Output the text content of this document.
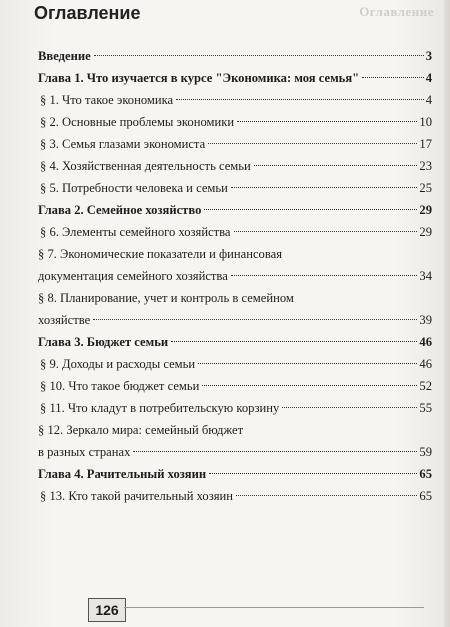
Оглавление
Оглавление
Введение	3
Глава 1. Что изучается в курсе "Экономика: моя семья"	4
§ 1. Что такое экономика	4
§ 2. Основные проблемы экономики	10
§ 3. Семья глазами экономиста	17
§ 4. Хозяйственная деятельность семьи	23
§ 5. Потребности человека и семьи	25
Глава 2. Семейное хозяйство	29
§ 6. Элементы семейного хозяйства	29
§ 7. Экономические показатели и финансовая
документация семейного хозяйства	34
§ 8. Планирование, учет и контроль в семейном
хозяйстве	39
Глава 3. Бюджет семьи	46
§ 9. Доходы и расходы семьи	46
§ 10. Что такое бюджет семьи	52
§ 11. Что кладут в потребительскую корзину	55
§ 12. Зеркало мира: семейный бюджет
в разных странах	59
Глава 4. Рачительный хозяин	65
§ 13. Кто такой рачительный хозяин	65
126
